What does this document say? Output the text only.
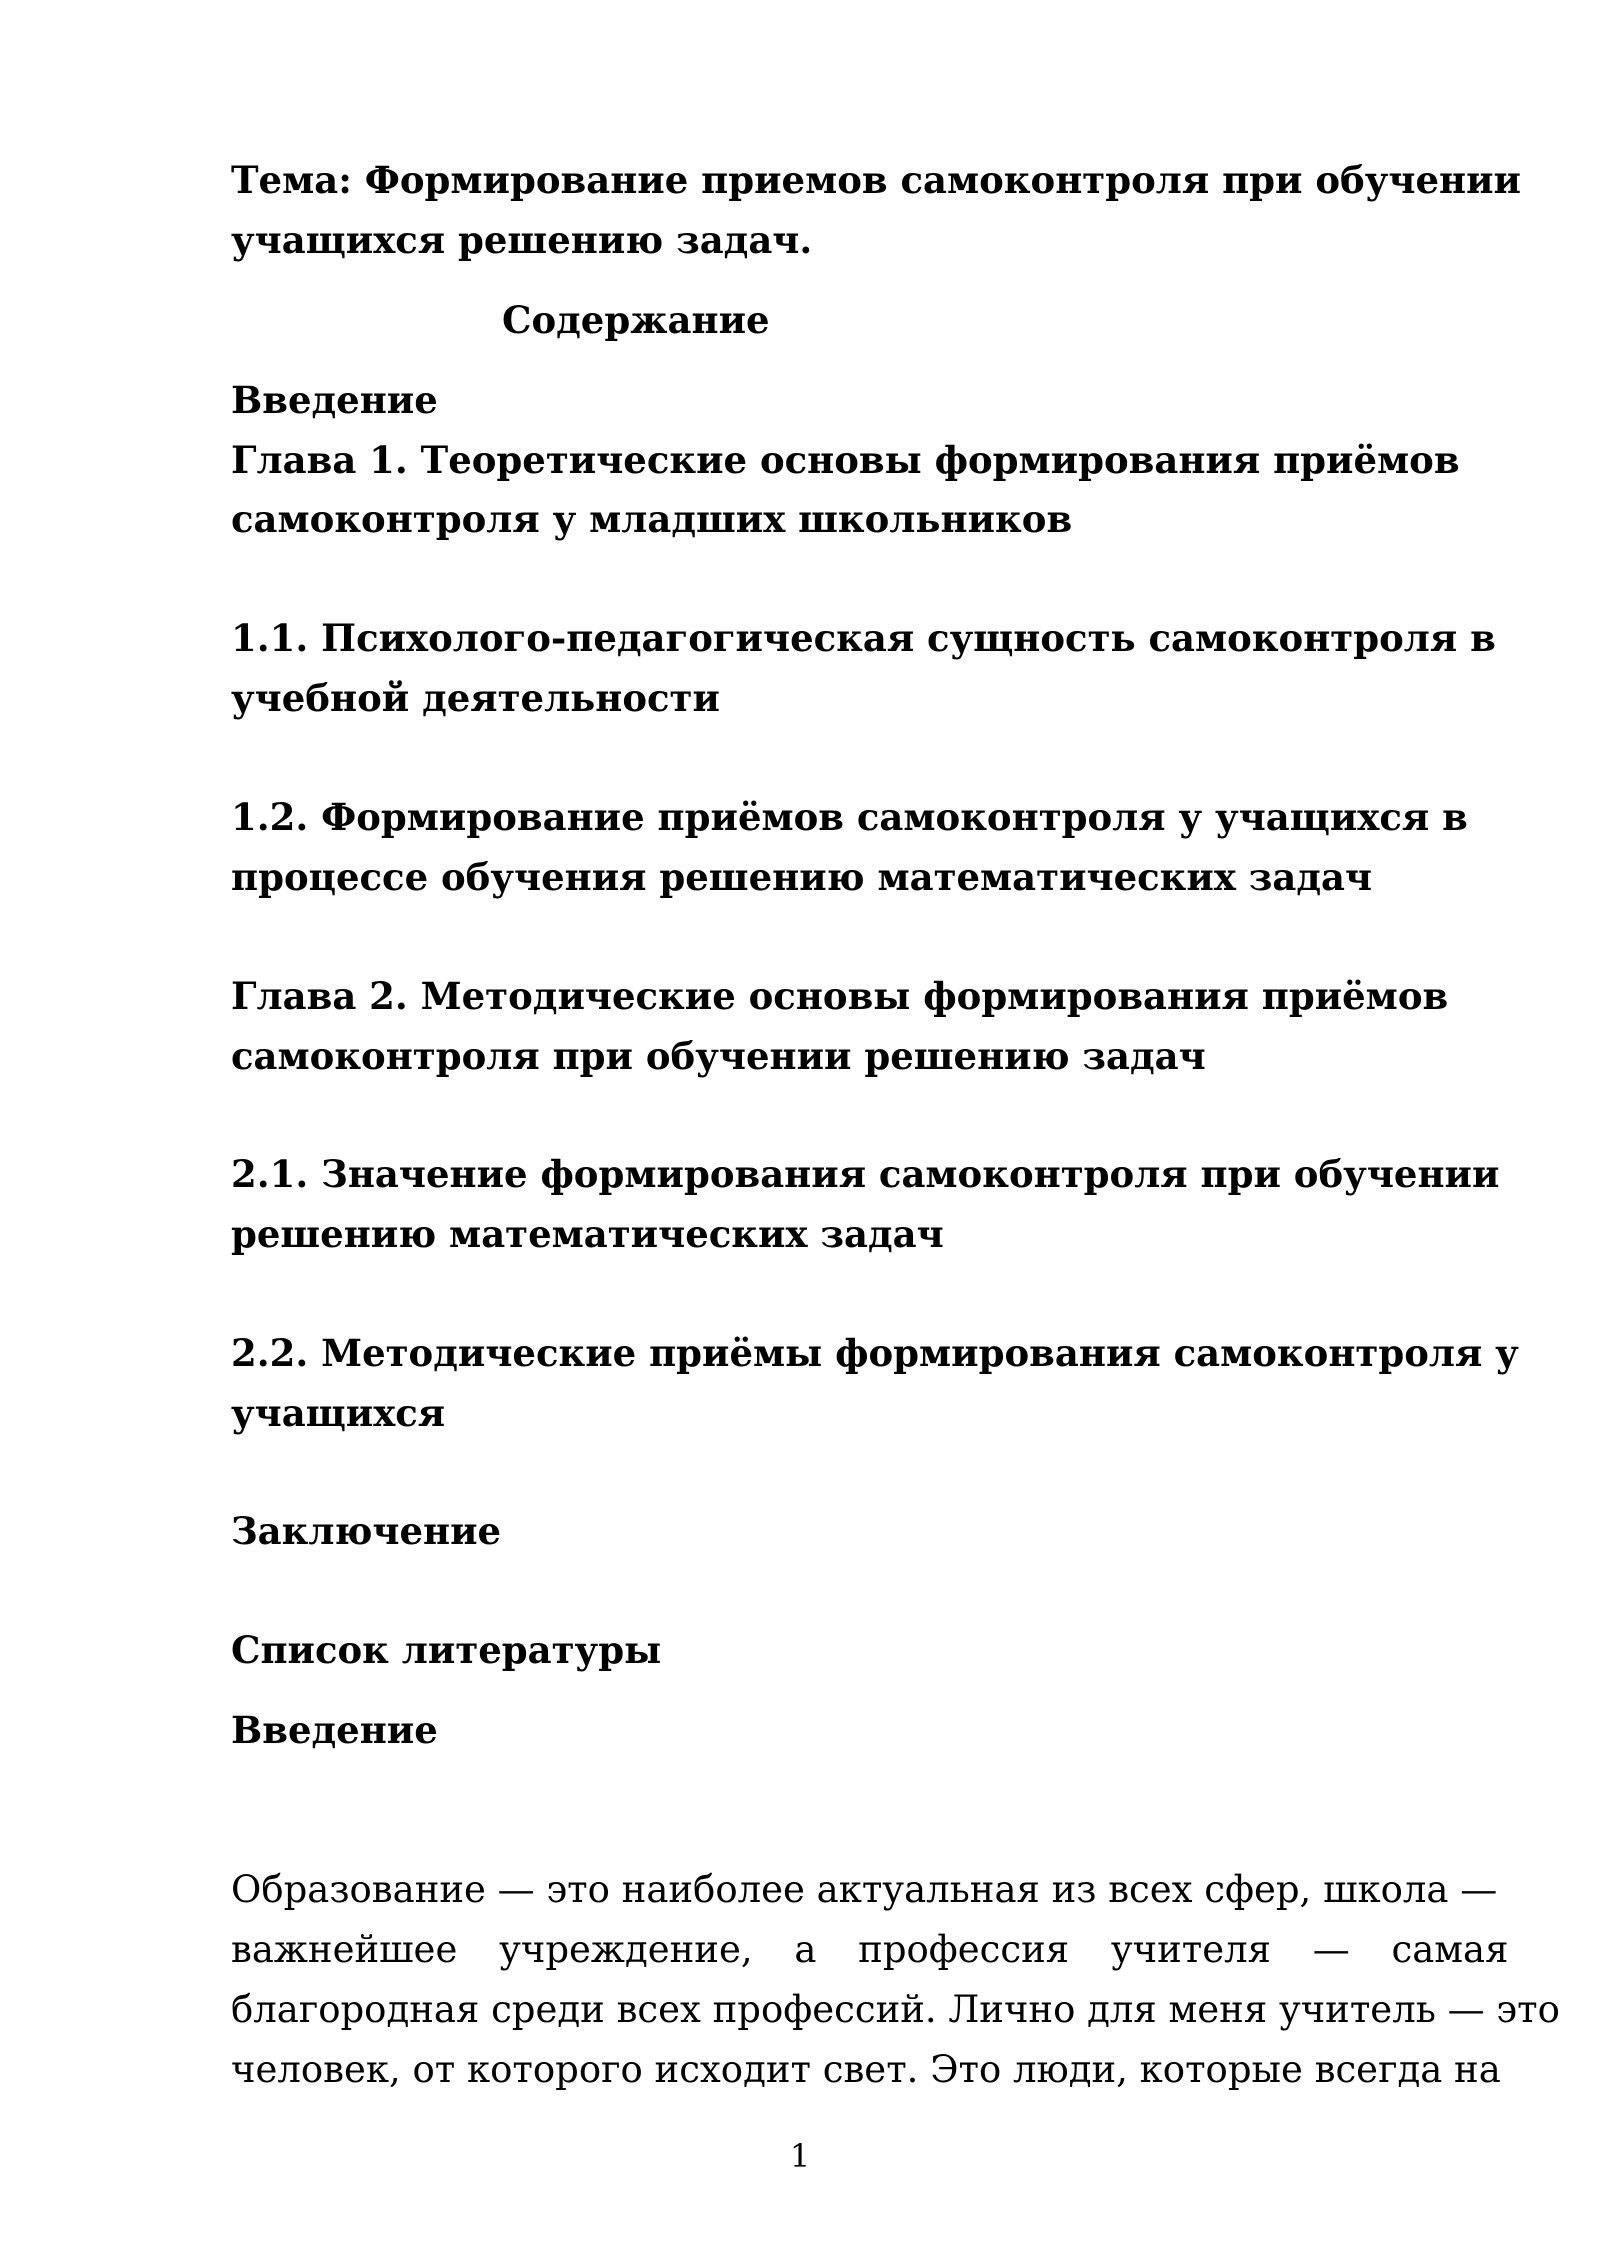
Тема: Формирование приемов самоконтроля при обучении

учащихся решению задач.

Содержание

Введение

Глава 1. Теоретические основы формирования приёмов

самоконтроля у младших школьников

1.1. Психолого-педагогическая сущность самоконтроля в

учебной деятельности

1.2. Формирование приёмов самоконтроля у учащихся в

процессе обучения решению математических задач

Глава 2. Методические основы формирования приёмов

самоконтроля при обучении решению задач

2.1. Значение формирования самоконтроля при обучении

решению математических задач

2.2. Методические приёмы формирования самоконтроля у

учащихся

Заключение

Список литературы

Введение

Образование — это наиболее актуальная из всех сфер, школа —
важнейшее учреждение, а профессия учителя — самая
благородная среди всех профессий. Лично для меня учитель — это
человек, от которого исходит свет. Это люди, которые всегда на
1
